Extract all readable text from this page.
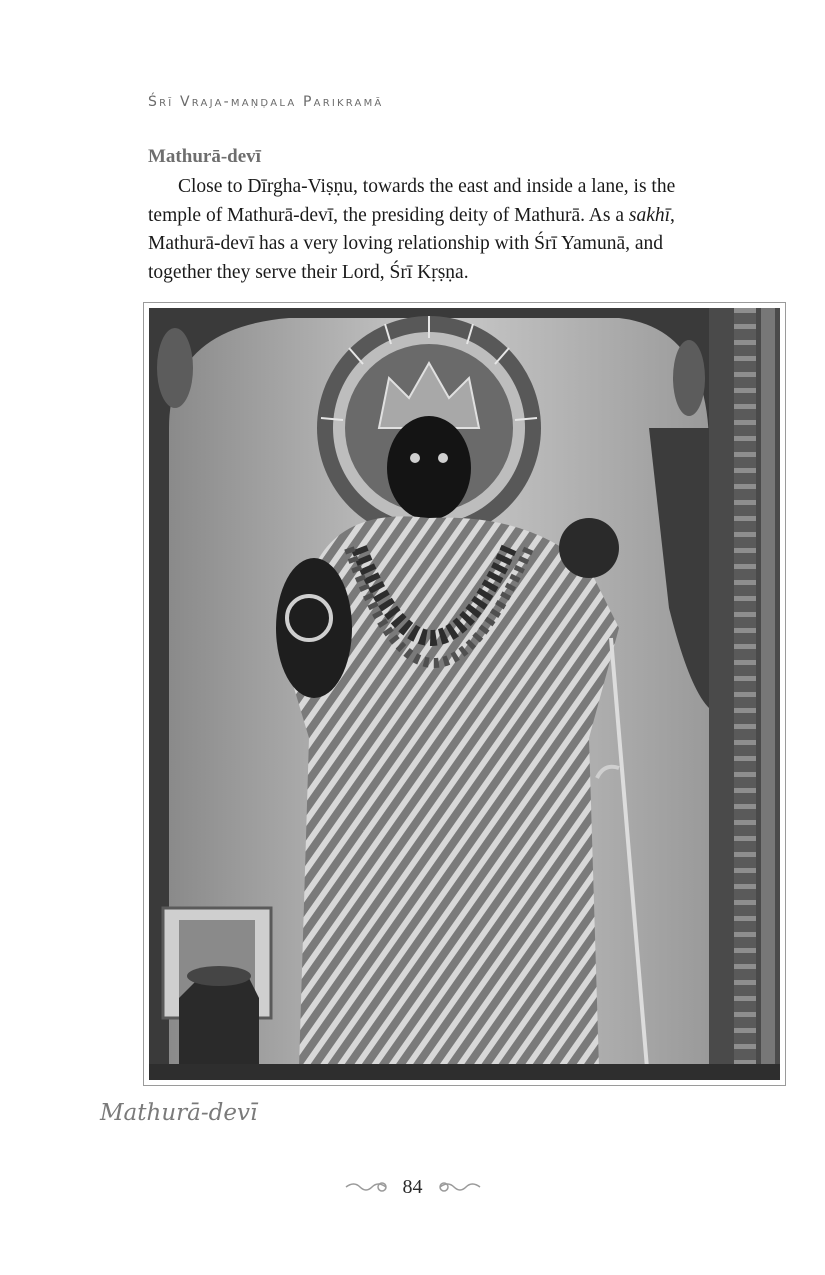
Śrī Vraja-maṇḍala Parikramā
Mathurā-devī

Close to Dīrgha-Viṣṇu, towards the east and inside a lane, is the temple of Mathurā-devī, the presiding deity of Mathurā. As a sakhī, Mathurā-devī has a very loving relationship with Śrī Yamunā, and together they serve their Lord, Śrī Kṛṣṇa.

Mathurā-devī
84
